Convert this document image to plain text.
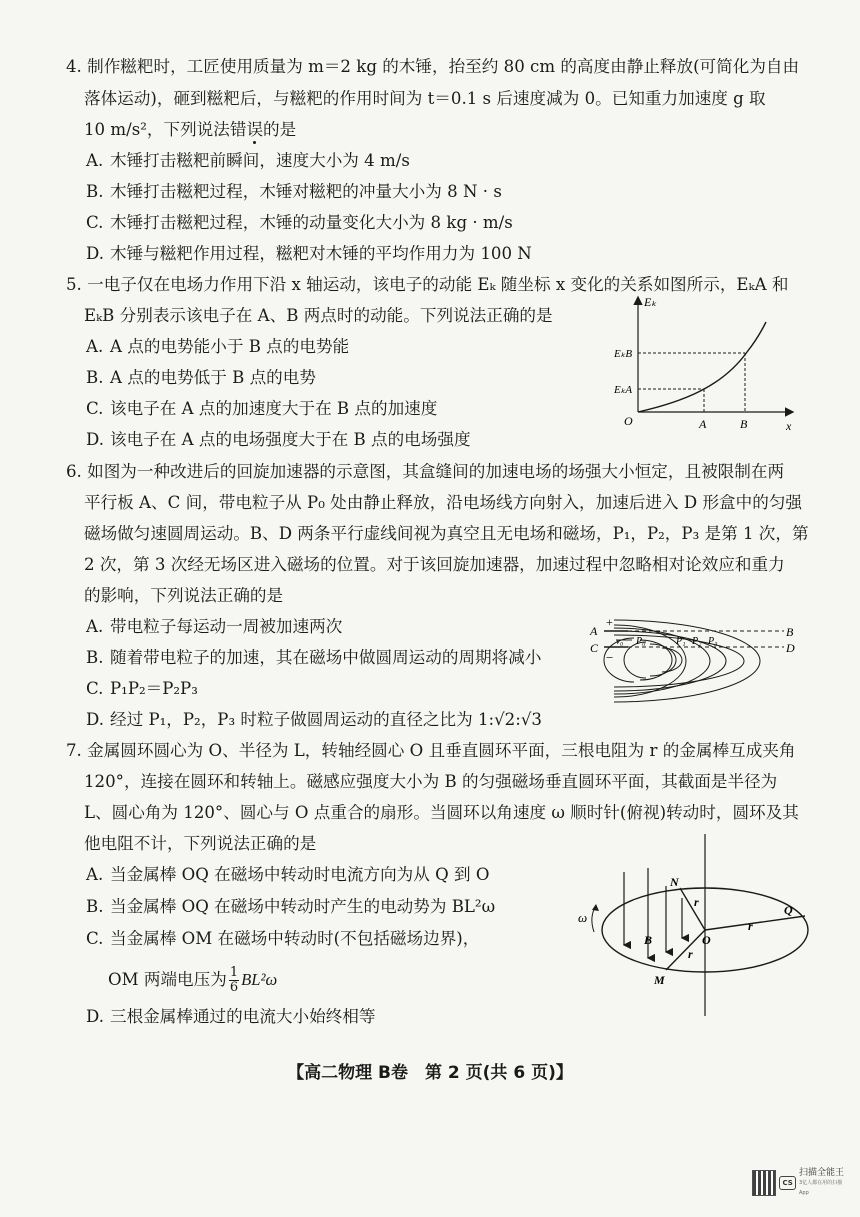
4. 制作糍粑时，工匠使用质量为 m＝2 kg 的木锤，抬至约 80 cm 的高度由静止释放(可简化为自由
落体运动)，砸到糍粑后，与糍粑的作用时间为 t＝0.1 s 后速度减为 0。已知重力加速度 g 取
10 m/s²，下列说法错误的是
A. 木锤打击糍粑前瞬间，速度大小为 4 m/s
B. 木锤打击糍粑过程，木锤对糍粑的冲量大小为 8 N · s
C. 木锤打击糍粑过程，木锤的动量变化大小为 8 kg · m/s
D. 木锤与糍粑作用过程，糍粑对木锤的平均作用力为 100 N
5. 一电子仅在电场力作用下沿 x 轴运动，该电子的动能 Eₖ 随坐标 x 变化的关系如图所示，EₖA 和
EₖB 分别表示该电子在 A、B 两点时的动能。下列说法正确的是
A. A 点的电势能小于 B 点的电势能
B. A 点的电势低于 B 点的电势
C. 该电子在 A 点的加速度大于在 B 点的加速度
D. 该电子在 A 点的电场强度大于在 B 点的电场强度
Eₖ
EₖB
EₖA
O	A	B	x
6. 如图为一种改进后的回旋加速器的示意图，其盒缝间的加速电场的场强大小恒定，且被限制在两
平行板 A、C 间，带电粒子从 P₀ 处由静止释放，沿电场线方向射入，加速后进入 D 形盒中的匀强
磁场做匀速圆周运动。B、D 两条平行虚线间视为真空且无电场和磁场，P₁，P₂，P₃ 是第 1 次，第
2 次，第 3 次经无场区进入磁场的位置。对于该回旋加速器，加速过程中忽略相对论效应和重力
的影响，下列说法正确的是
A. 带电粒子每运动一周被加速两次
B. 随着带电粒子的加速，其在磁场中做圆周运动的周期将减小
C. P₁P₂＝P₂P₃
D. 经过 P₁，P₂，P₃ 时粒子做圆周运动的直径之比为 1:√2:√3
+
A
C
−
v₀ P₀	P₁ P₂ P₃
B
D
7. 金属圆环圆心为 O、半径为 L，转轴经圆心 O 且垂直圆环平面，三根电阻为 r 的金属棒互成夹角
120°，连接在圆环和转轴上。磁感应强度大小为 B 的匀强磁场垂直圆环平面，其截面是半径为
L、圆心角为 120°、圆心与 O 点重合的扇形。当圆环以角速度 ω 顺时针(俯视)转动时，圆环及其
他电阻不计，下列说法正确的是
A. 当金属棒 OQ 在磁场中转动时电流方向为从 Q 到 O
B. 当金属棒 OQ 在磁场中转动时产生的电动势为 BL²ω
C. 当金属棒 OM 在磁场中转动时(不包括磁场边界)，
OM 两端电压为 $\frac{1}{6} BL^2\omega$
D. 三根金属棒通过的电流大小始终相等
ω
N
r
Q
r
B	O
r
M
【高二物理 B卷　第 2 页(共 6 页)】
CS
扫描全能王
3亿人都在用的扫描App
